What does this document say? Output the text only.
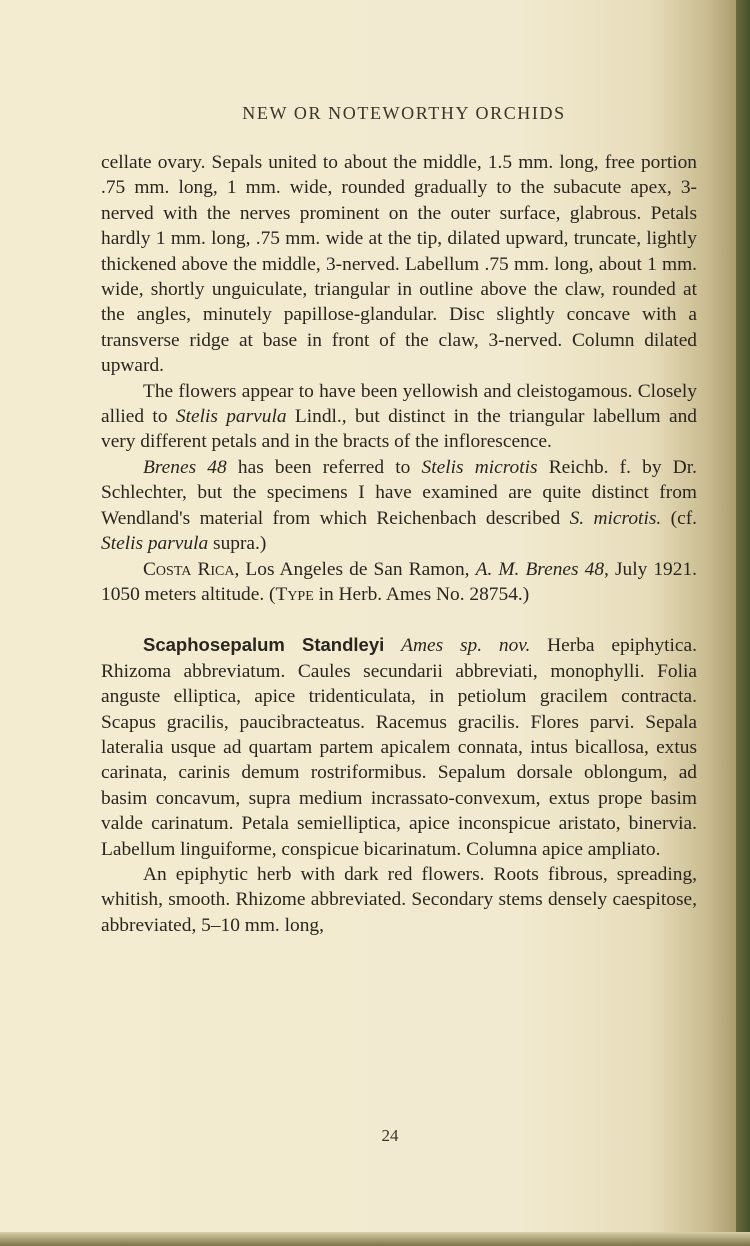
NEW OR NOTEWORTHY ORCHIDS

cellate ovary. Sepals united to about the middle, 1.5 mm. long, free portion .75 mm. long, 1 mm. wide, rounded gradually to the subacute apex, 3-nerved with the nerves prominent on the outer surface, glabrous. Petals hardly 1 mm. long, .75 mm. wide at the tip, dilated upward, truncate, lightly thickened above the middle, 3-nerved. Labellum .75 mm. long, about 1 mm. wide, shortly unguiculate, triangular in outline above the claw, rounded at the angles, minutely papillose-glandular. Disc slightly concave with a transverse ridge at base in front of the claw, 3-nerved. Column dilated upward.

The flowers appear to have been yellowish and cleistogamous. Closely allied to Stelis parvula Lindl., but distinct in the triangular labellum and very different petals and in the bracts of the inflorescence.

Brenes 48 has been referred to Stelis microtis Reichb. f. by Dr. Schlechter, but the specimens I have examined are quite distinct from Wendland's material from which Reichenbach described S. microtis. (cf. Stelis parvula supra.)

Costa Rica, Los Angeles de San Ramon, A. M. Brenes 48, July 1921. 1050 meters altitude. (Type in Herb. Ames No. 28754.)

Scaphosepalum Standleyi Ames sp. nov. Herba epiphytica. Rhizoma abbreviatum. Caules secundarii abbreviati, monophylli. Folia anguste elliptica, apice tridenticulata, in petiolum gracilem contracta. Scapus gracilis, paucibracteatus. Racemus gracilis. Flores parvi. Sepala lateralia usque ad quartam partem apicalem connata, intus bicallosa, extus carinata, carinis demum rostriformibus. Sepalum dorsale oblongum, ad basim concavum, supra medium incrassato-convexum, extus prope basim valde carinatum. Petala semielliptica, apice inconspicue aristato, binervia. Labellum linguiforme, conspicue bicarinatum. Columna apice ampliato.

An epiphytic herb with dark red flowers. Roots fibrous, spreading, whitish, smooth. Rhizome abbreviated. Secondary stems densely caespitose, abbreviated, 5–10 mm. long,

24
